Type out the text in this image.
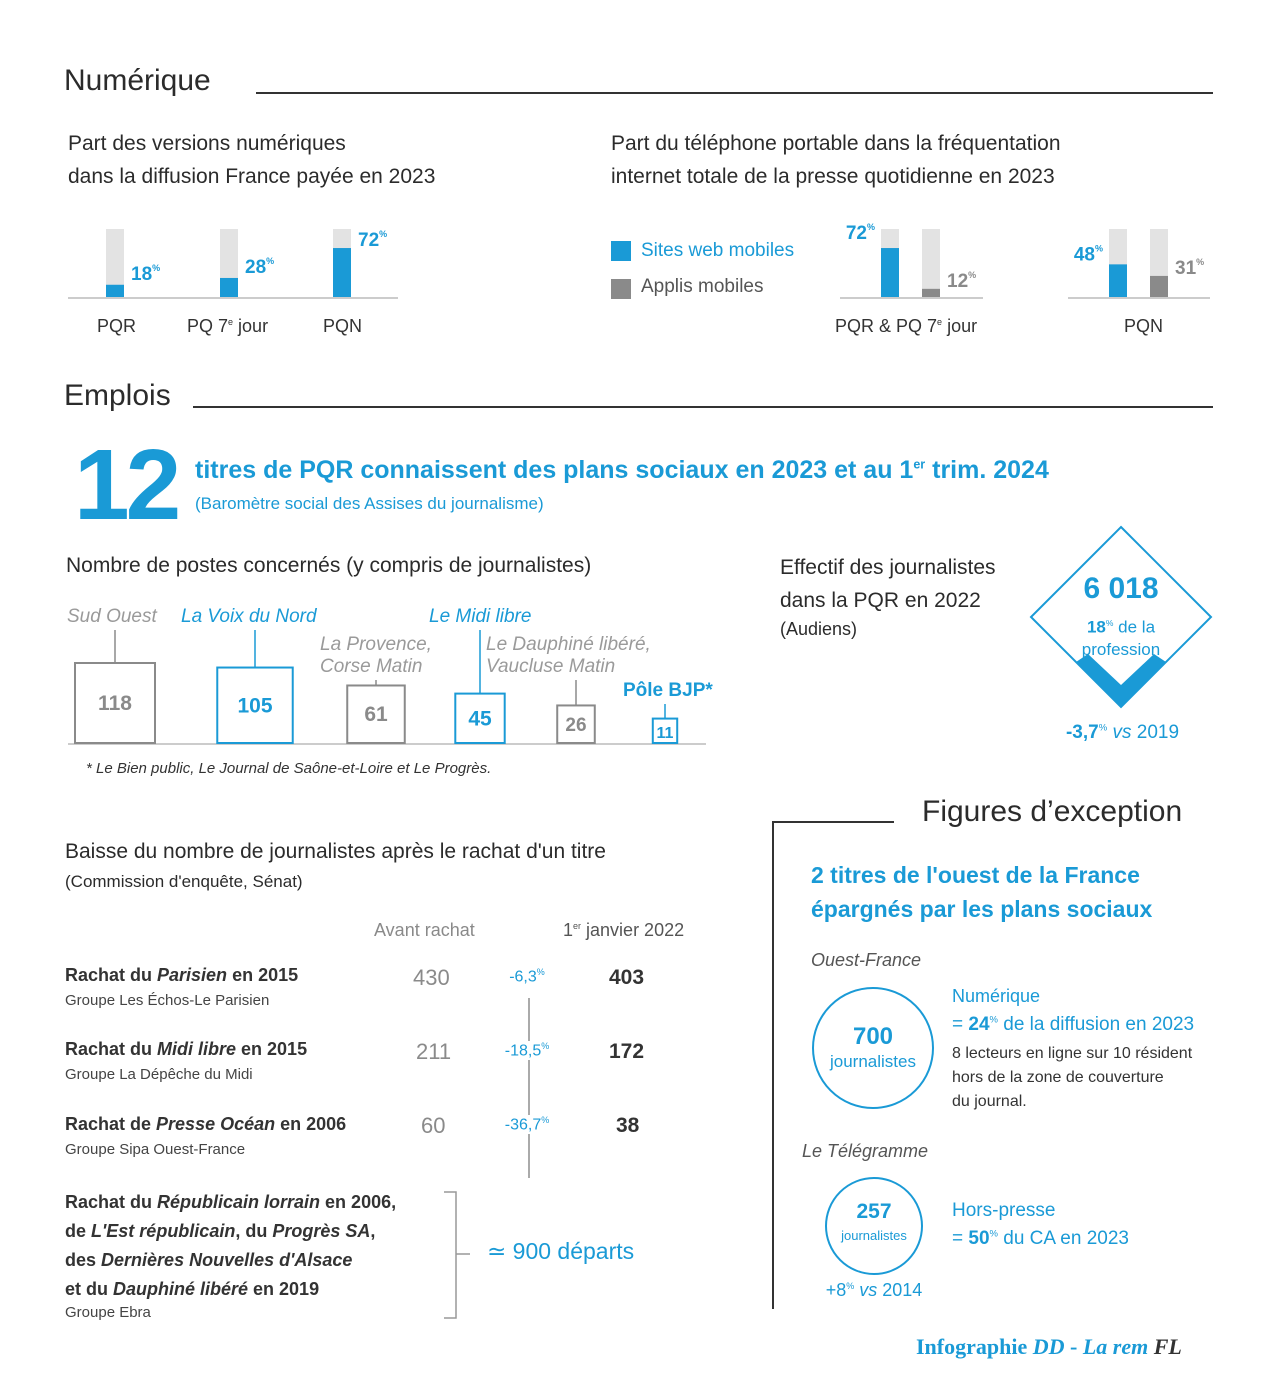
Numérique
Part des versions numériques
dans la diffusion France payée en 2023
18%	28%
72%
PQR	PQ 7e jour	PQN
Part du téléphone portable dans la fréquentation
internet totale de la presse quotidienne en 2023
Sites web mobiles
Applis mobiles
72%
48%
12%	31%
PQR & PQ 7e jour	PQN
Emplois
12 titres de PQR connaissent des plans sociaux en 2023 et au 1er trim. 2024
(Baromètre social des Assises du journalisme)
Nombre de postes concernés (y compris de journalistes)
Sud Ouest
118
La Voix du Nord
105
La Provence,
Corse Matin
61
Le Midi libre
45
Le Dauphiné libéré,
Vaucluse Matin
26
Pôle BJP*
11
* Le Bien public, Le Journal de Saône-et-Loire et Le Progrès.
Effectif des journalistes
dans la PQR en 2022
(Audiens)
6 018
18% de la
profession
-3,7% vs 2019
Baisse du nombre de journalistes après le rachat d'un titre
(Commission d'enquête, Sénat)
Avant rachat	1er janvier 2022
Rachat du Parisien en 2015
Groupe Les Échos-Le Parisien
430	-6,3%	403
Rachat du Midi libre en 2015
Groupe La Dépêche du Midi
211	-18,5%	172
Rachat de Presse Océan en 2006
Groupe Sipa Ouest-France
60	-36,7%	38
Rachat du Républicain lorrain en 2006,
de L'Est républicain, du Progrès SA,
des Dernières Nouvelles d'Alsace
et du Dauphiné libéré en 2019
Groupe Ebra
≃ 900 départs
Figures d’exception
2 titres de l'ouest de la France
épargnés par les plans sociaux
Ouest-France
700
journalistes
Numérique
= 24% de la diffusion en 2023
8 lecteurs en ligne sur 10 résident
hors de la zone de couverture
du journal.
Le Télégramme
257
journalistes
+8% vs 2014
Hors-presse
= 50% du CA en 2023
Infographie DD - La rem FL
